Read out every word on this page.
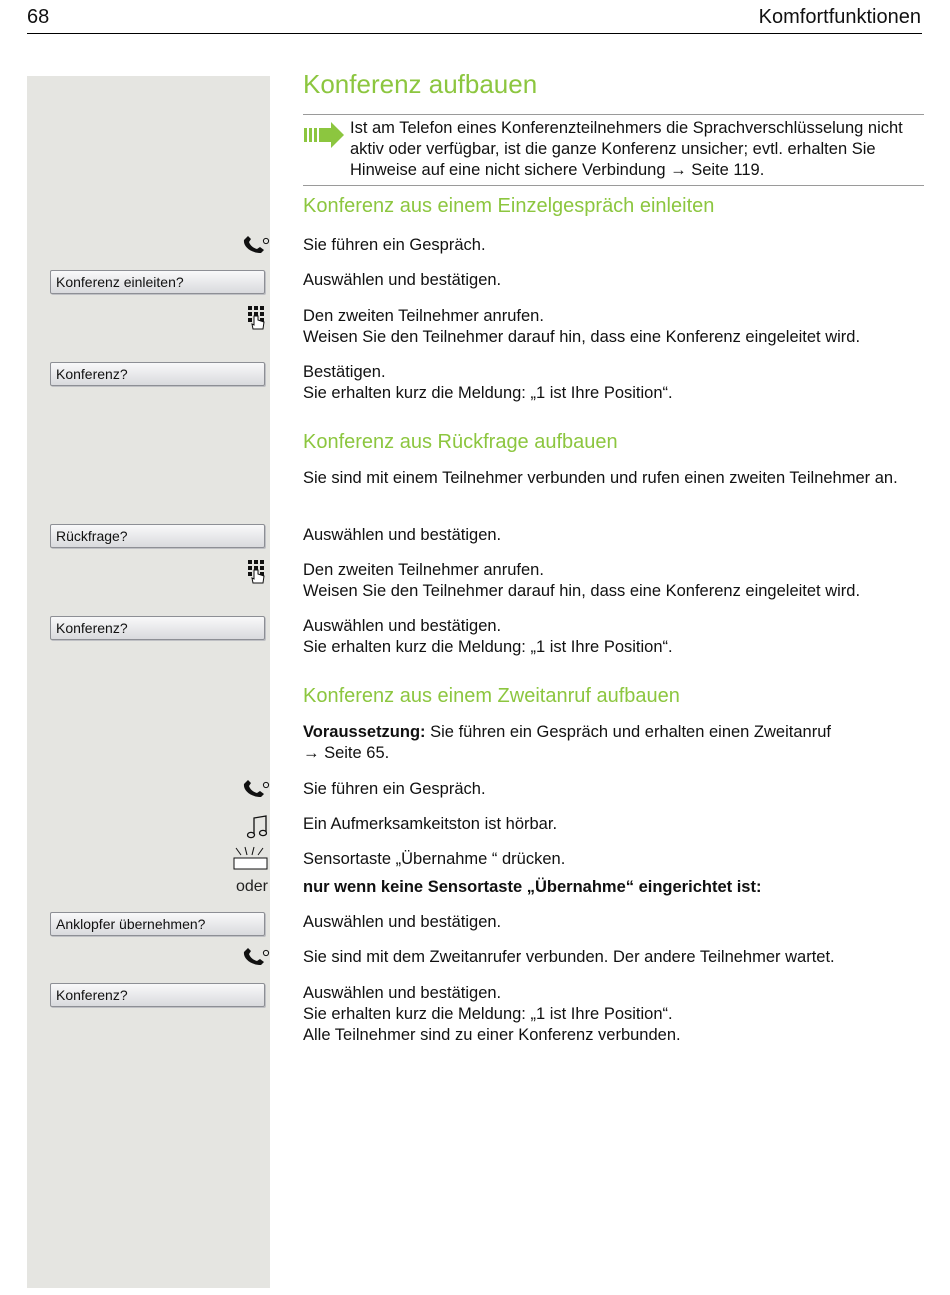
68	Komfortfunktionen
Konferenz aufbauen
Ist am Telefon eines Konferenzteilnehmers die Sprachverschlüsselung nicht aktiv oder verfügbar, ist die ganze Konferenz unsicher; evtl. erhalten Sie Hinweise auf eine nicht sichere Verbindung → Seite 119.
Konferenz aus einem Einzelgespräch einleiten
Sie führen ein Gespräch.
Konferenz einleiten?	Auswählen und bestätigen.
Den zweiten Teilnehmer anrufen.
Weisen Sie den Teilnehmer darauf hin, dass eine Konferenz eingeleitet wird.
Konferenz?	Bestätigen.
Sie erhalten kurz die Meldung: „1 ist Ihre Position“.
Konferenz aus Rückfrage aufbauen
Sie sind mit einem Teilnehmer verbunden und rufen einen zweiten Teilnehmer an.
Rückfrage?	Auswählen und bestätigen.
Den zweiten Teilnehmer anrufen.
Weisen Sie den Teilnehmer darauf hin, dass eine Konferenz eingeleitet wird.
Konferenz?	Auswählen und bestätigen.
Sie erhalten kurz die Meldung: „1 ist Ihre Position“.
Konferenz aus einem Zweitanruf aufbauen
Voraussetzung: Sie führen ein Gespräch und erhalten einen Zweitanruf
→ Seite 65.
Sie führen ein Gespräch.
Ein Aufmerksamkeitston ist hörbar.
Sensortaste „Übernahme “ drücken.
oder nur wenn keine Sensortaste „Übernahme“ eingerichtet ist:
Anklopfer übernehmen?	Auswählen und bestätigen.
Sie sind mit dem Zweitanrufer verbunden. Der andere Teilnehmer wartet.
Konferenz?	Auswählen und bestätigen.
Sie erhalten kurz die Meldung: „1 ist Ihre Position“.
Alle Teilnehmer sind zu einer Konferenz verbunden.
